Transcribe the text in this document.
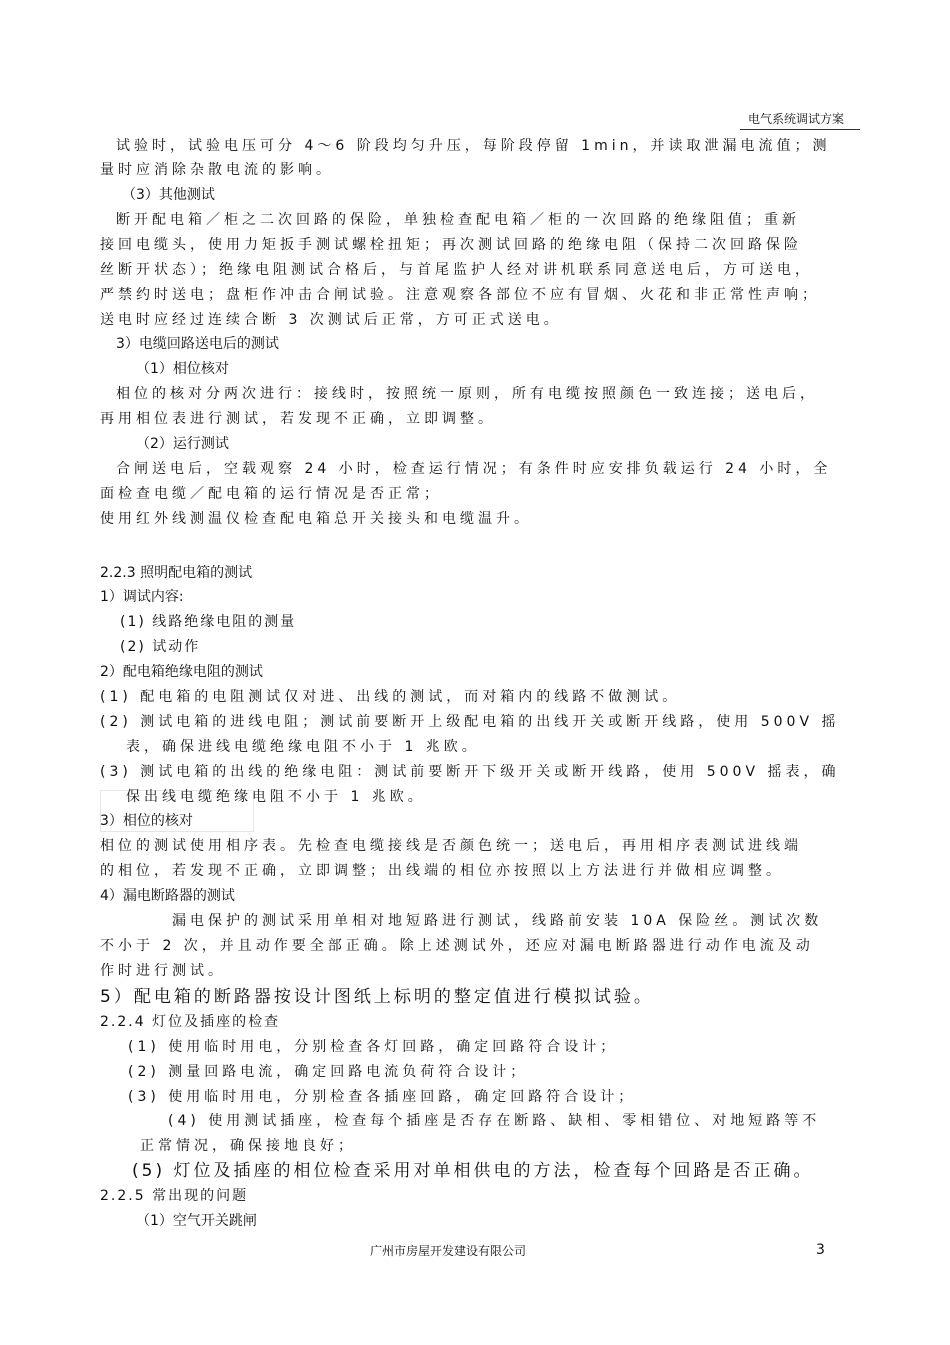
电气系统调试方案
试验时，试验电压可分 4～6 阶段均匀升压，每阶段停留 1min，并读取泄漏电流值；测
量时应消除杂散电流的影响。
（3）其他测试
断开配电箱／柜之二次回路的保险，单独检查配电箱／柜的一次回路的绝缘阻值；重新
接回电缆头，使用力矩扳手测试螺栓扭矩；再次测试回路的绝缘电阻（保持二次回路保险
丝断开状态）；绝缘电阻测试合格后，与首尾监护人经对讲机联系同意送电后，方可送电，
严禁约时送电；盘柜作冲击合闸试验。注意观察各部位不应有冒烟、火花和非正常性声响；
送电时应经过连续合断 3 次测试后正常，方可正式送电。
3）电缆回路送电后的测试
（1）相位核对
相位的核对分两次进行：接线时，按照统一原则，所有电缆按照颜色一致连接；送电后，
再用相位表进行测试，若发现不正确，立即调整。
（2）运行测试
合闸送电后，空载观察 24 小时，检查运行情况；有条件时应安排负载运行 24 小时，全
面检查电缆／配电箱的运行情况是否正常；
使用红外线测温仪检查配电箱总开关接头和电缆温升。
2.2.3 照明配电箱的测试
1）调试内容:
(1) 线路绝缘电阻的测量
(2) 试动作
2）配电箱绝缘电阻的测试
(1) 配电箱的电阻测试仅对进、出线的测试，而对箱内的线路不做测试。
(2) 测试电箱的进线电阻；测试前要断开上级配电箱的出线开关或断开线路，使用 500V 摇
表，确保进线电缆绝缘电阻不小于 1 兆欧。
(3) 测试电箱的出线的绝缘电阻：测试前要断开下级开关或断开线路，使用 500V 摇表，确
保出线电缆绝缘电阻不小于 1 兆欧。
3）相位的核对
相位的测试使用相序表。先检查电缆接线是否颜色统一；送电后，再用相序表测试进线端
的相位，若发现不正确，立即调整；出线端的相位亦按照以上方法进行并做相应调整。
4）漏电断路器的测试
漏电保护的测试采用单相对地短路进行测试，线路前安装 10A 保险丝。测试次数
不小于 2 次，并且动作要全部正确。除上述测试外，还应对漏电断路器进行动作电流及动
作时进行测试。
5）配电箱的断路器按设计图纸上标明的整定值进行模拟试验。
2.2.4 灯位及插座的检查
(1) 使用临时用电，分别检查各灯回路，确定回路符合设计；
(2) 测量回路电流，确定回路电流负荷符合设计；
(3) 使用临时用电，分别检查各插座回路，确定回路符合设计；
(4) 使用测试插座，检查每个插座是否存在断路、缺相、零相错位、对地短路等不
正常情况，确保接地良好；
(5) 灯位及插座的相位检查采用对单相供电的方法，检查每个回路是否正确。
2.2.5 常出现的问题
（1）空气开关跳闸
广州市房屋开发建设有限公司	3
